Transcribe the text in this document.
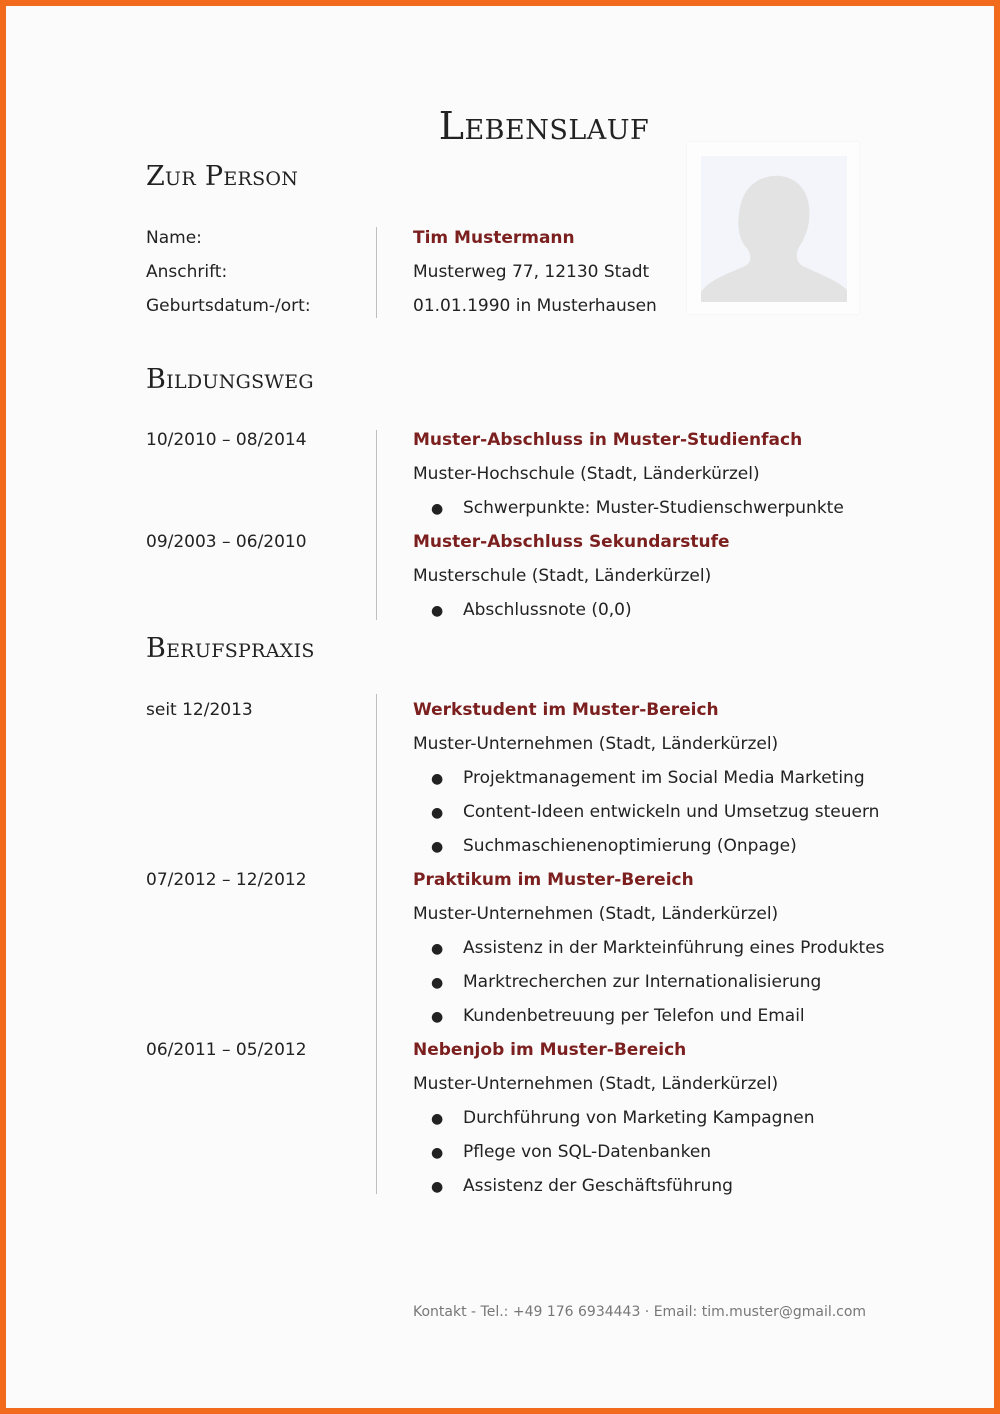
Lebenslauf
Zur Person
Name:	Tim Mustermann
Anschrift:	Musterweg 77, 12130 Stadt
Geburtsdatum-/ort:	01.01.1990 in Musterhausen
Bildungsweg
10/2010 – 08/2014	Muster-Abschluss in Muster-Studienfach
Muster-Hochschule (Stadt, Länderkürzel)
● Schwerpunkte: Muster-Studienschwerpunkte
09/2003 – 06/2010	Muster-Abschluss Sekundarstufe
Musterschule (Stadt, Länderkürzel)
● Abschlussnote (0,0)
Berufspraxis
seit 12/2013	Werkstudent im Muster-Bereich
Muster-Unternehmen (Stadt, Länderkürzel)
● Projektmanagement im Social Media Marketing
● Content-Ideen entwickeln und Umsetzug steuern
● Suchmaschienenoptimierung (Onpage)
07/2012 – 12/2012	Praktikum im Muster-Bereich
Muster-Unternehmen (Stadt, Länderkürzel)
● Assistenz in der Markteinführung eines Produktes
● Marktrecherchen zur Internationalisierung
● Kundenbetreuung per Telefon und Email
06/2011 – 05/2012	Nebenjob im Muster-Bereich
Muster-Unternehmen (Stadt, Länderkürzel)
● Durchführung von Marketing Kampagnen
● Pflege von SQL-Datenbanken
● Assistenz der Geschäftsführung
Kontakt - Tel.: +49 176 6934443 · Email: tim.muster@gmail.com
